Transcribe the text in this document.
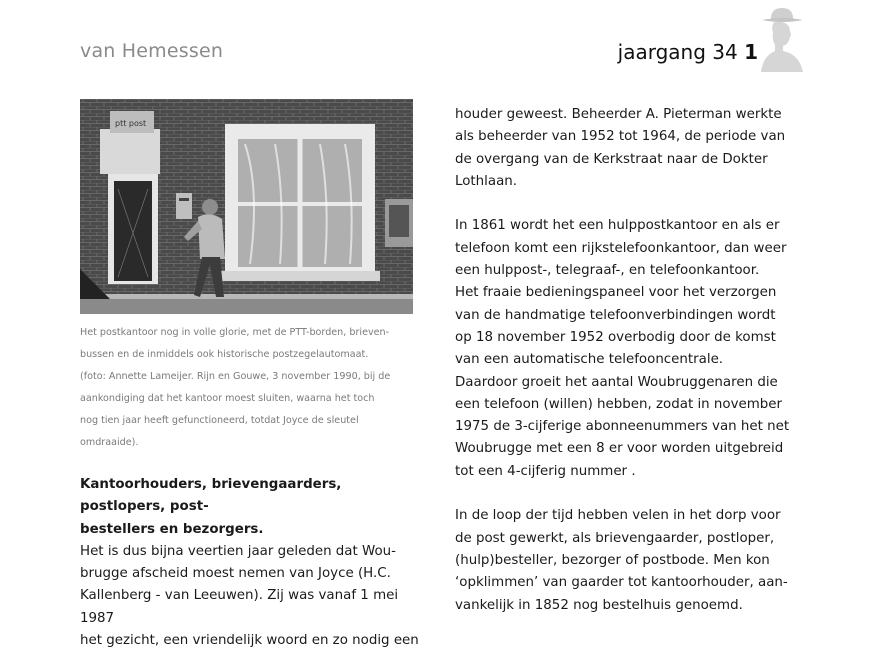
van Hemessen	jaargang 34 1
ptt post

Het postkantoor nog in volle glorie, met de PTT-borden, brieven-

bussen en de inmiddels ook historische postzegelautomaat.

(foto: Annette Lameijer. Rijn en Gouwe, 3 november 1990, bij de

aankondiging dat het kantoor moest sluiten, waarna het toch

nog tien jaar heeft gefunctioneerd, totdat Joyce de sleutel

omdraaide).

Kantoorhouders, brievengaarders, postlopers, post-

bestellers en bezorgers.

Het is dus bijna veertien jaar geleden dat Wou-

brugge afscheid moest nemen van Joyce (H.C.

Kallenberg - van Leeuwen). Zij was vanaf 1 mei 1987

het gezicht, een vriendelijk woord en zo nodig een

houder geweest. Beheerder A. Pieterman werkte

als beheerder van 1952 tot 1964, de periode van

de overgang van de Kerkstraat naar de Dokter

Lothlaan.

In 1861 wordt het een hulppostkantoor en als er

telefoon komt een rijkstelefoonkantoor, dan weer

een hulppost-, telegraaf-, en telefoonkantoor.

Het fraaie bedieningspaneel voor het verzorgen

van de handmatige telefoonverbindingen wordt

op 18 november 1952 overbodig door de komst

van een automatische telefooncentrale.

Daardoor groeit het aantal Woubruggenaren die

een telefoon (willen) hebben, zodat in november

1975 de 3-cijferige abonneenummers van het net

Woubrugge met een 8 er voor worden uitgebreid

tot een 4-cijferig nummer .

In de loop der tijd hebben velen in het dorp voor

de post gewerkt, als brievengaarder, postloper,

(hulp)besteller, bezorger of postbode. Men kon

‘opklimmen’ van gaarder tot kantoorhouder, aan-

vankelijk in 1852 nog bestelhuis genoemd.
